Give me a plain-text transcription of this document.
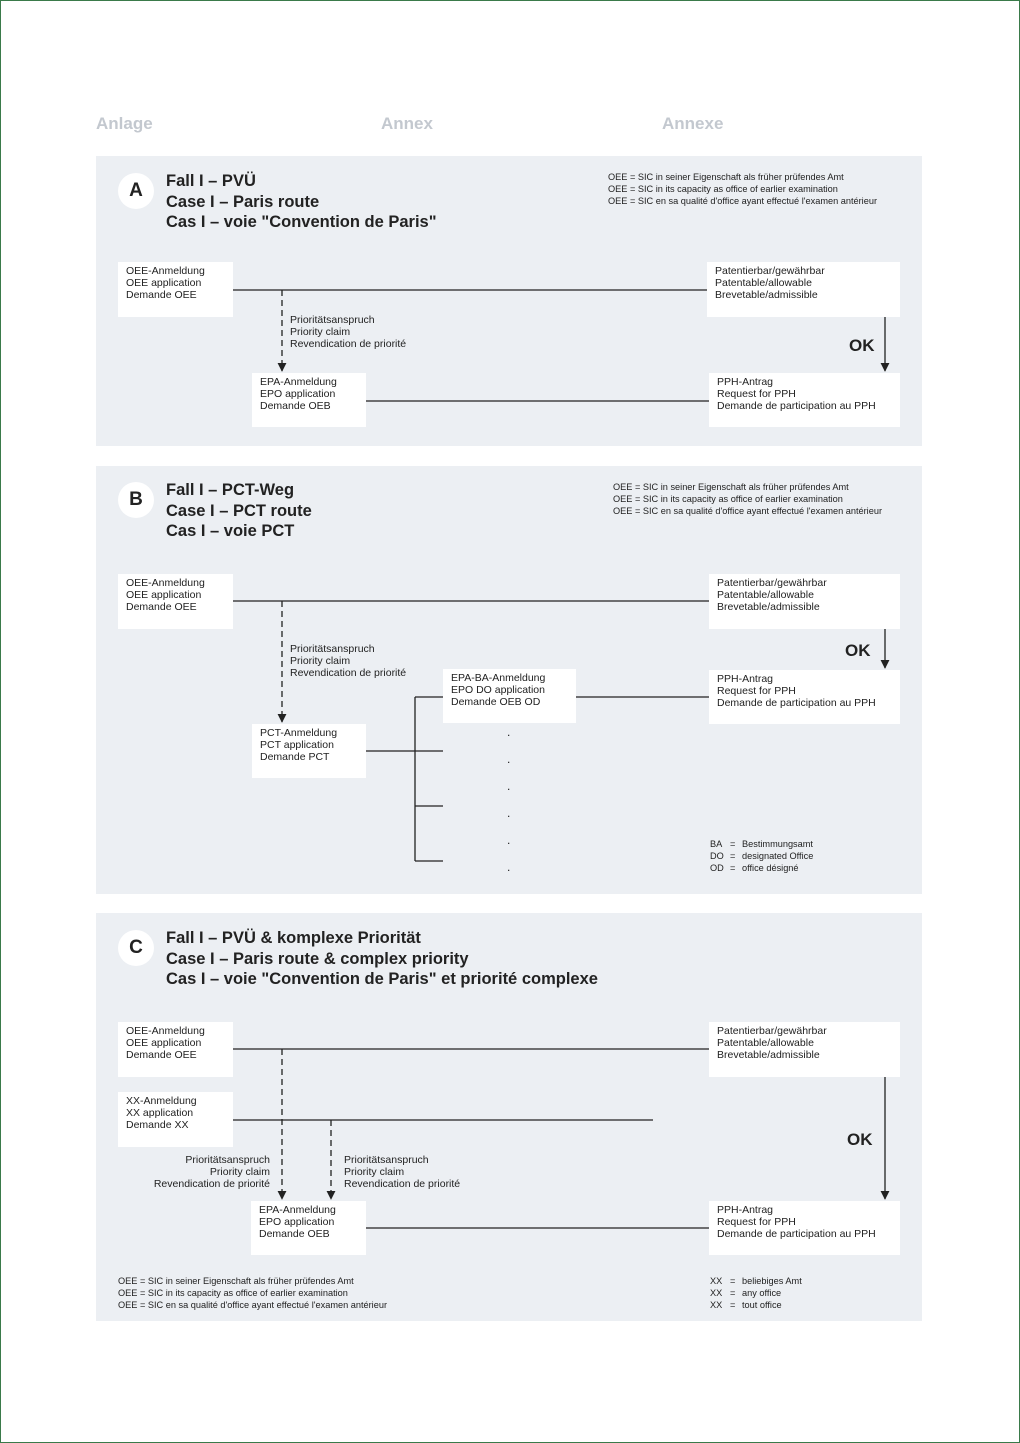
Anlage	Annex	Annexe
A	Fall I – PVÜ
Case I – Paris route
Cas I – voie "Convention de Paris"
OEE = SIC in seiner Eigenschaft als früher prüfendes Amt
OEE = SIC in its capacity as office of earlier examination
OEE = SIC en sa qualité d'office ayant effectué l'examen antérieur
OEE-Anmeldung
OEE application
Demande OEE
Patentierbar/gewährbar
Patentable/allowable
Brevetable/admissible
Prioritätsanspruch
Priority claim
Revendication de priorité	OK
EPA-Anmeldung
EPO application
Demande OEB
PPH-Antrag
Request for PPH
Demande de participation au PPH
B	Fall I – PCT-Weg
Case I – PCT route
Cas I – voie PCT
OEE = SIC in seiner Eigenschaft als früher prüfendes Amt
OEE = SIC in its capacity as office of earlier examination
OEE = SIC en sa qualité d'office ayant effectué l'examen antérieur
OEE-Anmeldung
OEE application
Demande OEE
Patentierbar/gewährbar
Patentable/allowable
Brevetable/admissible
Prioritätsanspruch
Priority claim
Revendication de priorité
OK
EPA-BA-Anmeldung
EPO DO application
Demande OEB OD
PPH-Antrag
Request for PPH
Demande de participation au PPH
PCT-Anmeldung
PCT application
Demande PCT
.
.
.
.
.
.
BA = Bestimmungsamt
DO = designated Office
OD = office désigné
C	Fall I – PVÜ & komplexe Priorität
Case I – Paris route & complex priority
Cas I – voie "Convention de Paris" et priorité complexe
OEE-Anmeldung
OEE application
Demande OEE
Patentierbar/gewährbar
Patentable/allowable
Brevetable/admissible
XX-Anmeldung
XX application
Demande XX
OK
Prioritätsanspruch
Priority claim
Revendication de priorité
Prioritätsanspruch
Priority claim
Revendication de priorité
EPA-Anmeldung
EPO application
Demande OEB
PPH-Antrag
Request for PPH
Demande de participation au PPH
OEE = SIC in seiner Eigenschaft als früher prüfendes Amt
OEE = SIC in its capacity as office of earlier examination
OEE = SIC en sa qualité d'office ayant effectué l'examen antérieur
XX = beliebiges Amt
XX = any office
XX = tout office
